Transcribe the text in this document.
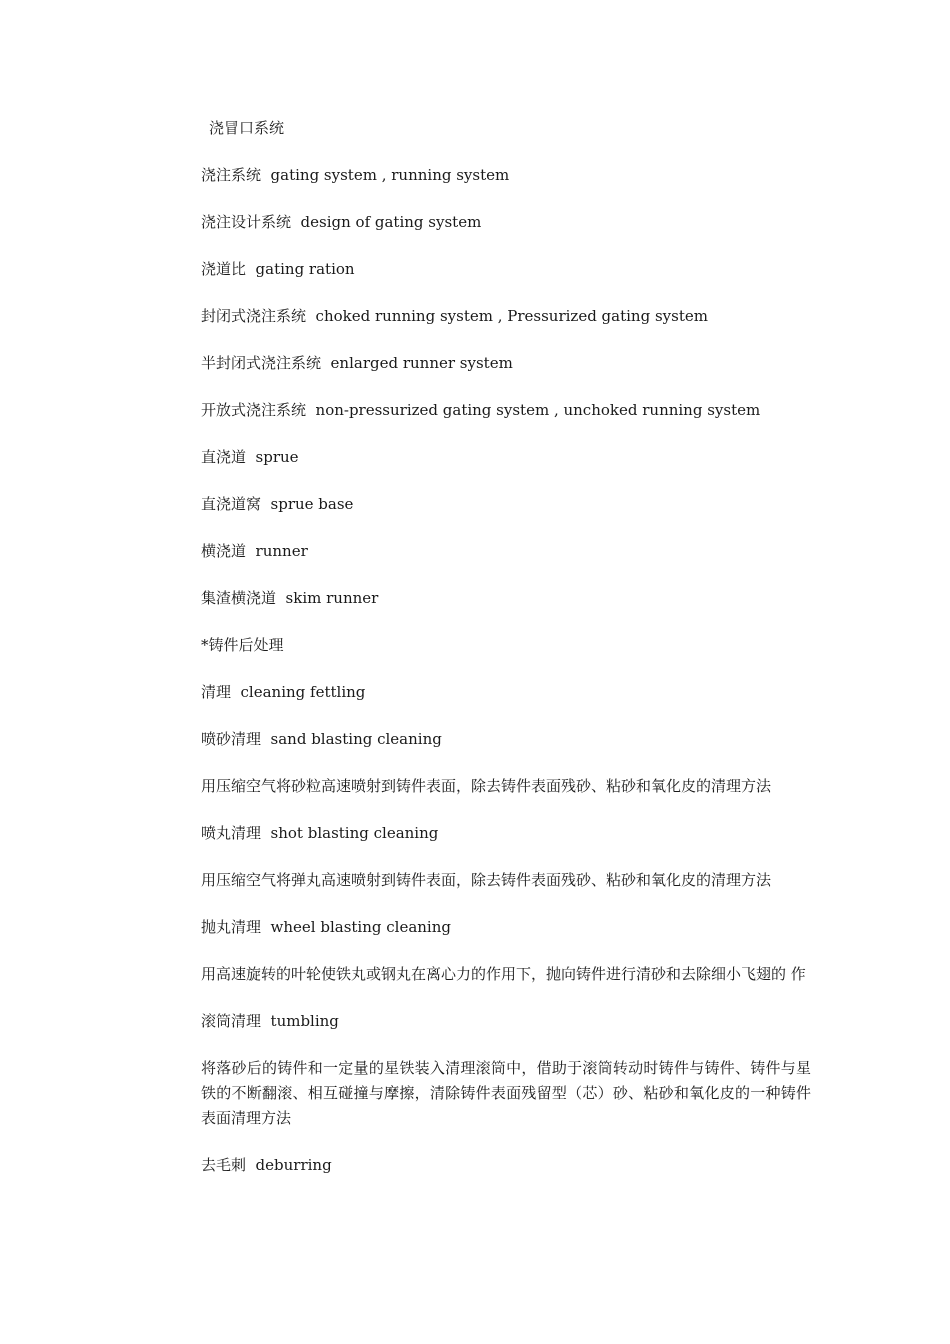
浇冒口系统

浇注系统  gating system , running system

浇注设计系统  design of gating system

浇道比  gating ration

封闭式浇注系统  choked running system , Pressurized gating system

半封闭式浇注系统  enlarged runner system

开放式浇注系统  non-pressurized gating system , unchoked running system

直浇道  sprue

直浇道窝  sprue base

横浇道  runner

集渣横浇道  skim runner

*铸件后处理

清理  cleaning fettling

喷砂清理  sand blasting cleaning

用压缩空气将砂粒高速喷射到铸件表面，除去铸件表面残砂、粘砂和氧化皮的清理方法

喷丸清理  shot blasting cleaning

用压缩空气将弹丸高速喷射到铸件表面，除去铸件表面残砂、粘砂和氧化皮的清理方法

抛丸清理  wheel blasting cleaning

用高速旋转的叶轮使铁丸或钢丸在离心力的作用下，抛向铸件进行清砂和去除细小飞翅的 作

滚筒清理  tumbling

将落砂后的铸件和一定量的星铁装入清理滚筒中，借助于滚筒转动时铸件与铸件、铸件与星铁的不断翻滚、相互碰撞与摩擦，清除铸件表面残留型（芯）砂、粘砂和氧化皮的一种铸件表面清理方法

去毛刺  deburring
